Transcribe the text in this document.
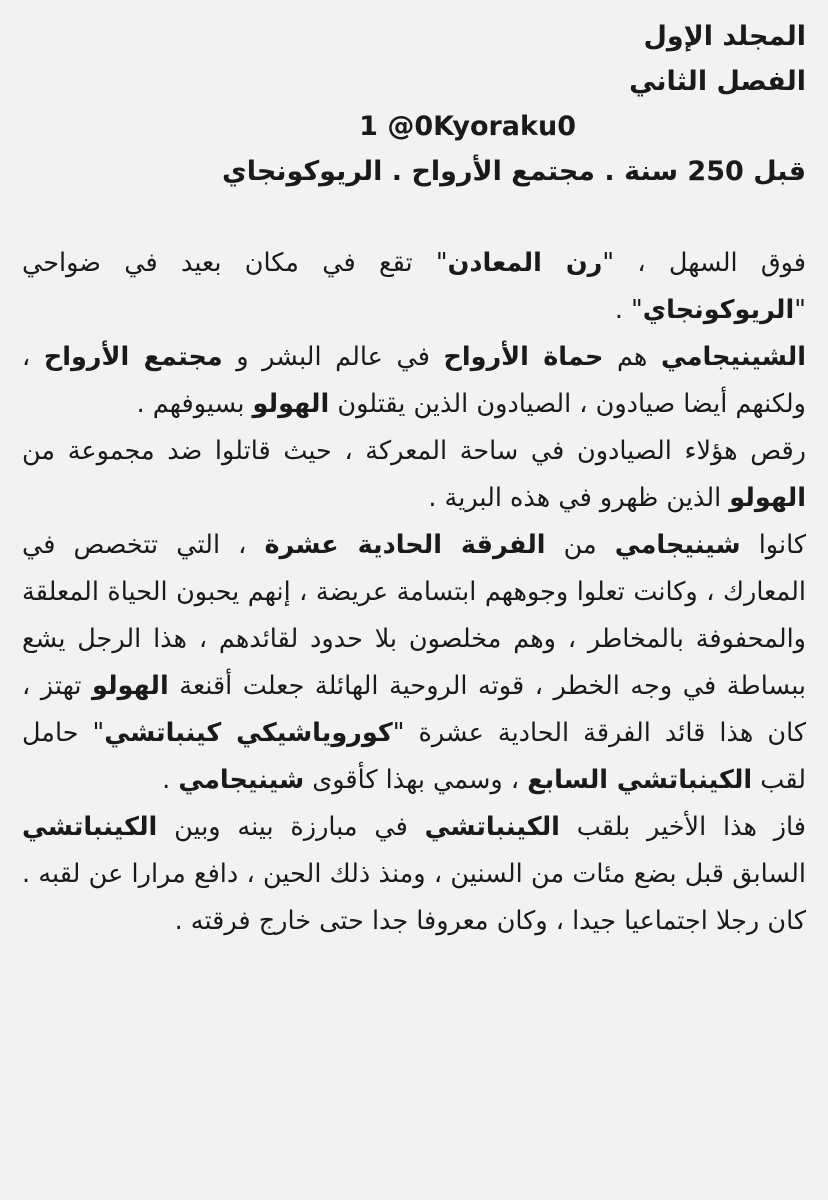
المجلد الإول
الفصل الثاني
1 @0Kyoraku0
قبل 250 سنة . مجتمع الأرواح . الريوكونجاي

فوق السهل ، "رن المعادن" تقع في مكان بعيد في ضواحي "الريوكونجاي" .

الشينيجامي هم حماة الأرواح في عالم البشر و مجتمع الأرواح ، ولكنهم أيضا صيادون ، الصيادون الذين يقتلون الهولو بسيوفهم .

رقص هؤلاء الصيادون في ساحة المعركة ، حيث قاتلوا ضد مجموعة من الهولو الذين ظهرو في هذه البرية .

كانوا شينيجامي من الفرقة الحادية عشرة ، التي تتخصص في المعارك ، وكانت تعلوا وجوههم ابتسامة عريضة ، إنهم يحبون الحياة المعلقة والمحفوفة بالمخاطر ، وهم مخلصون بلا حدود لقائدهم ، هذا الرجل يشع ببساطة في وجه الخطر ، قوته الروحية الهائلة جعلت أقنعة الهولو تهتز ، كان هذا قائد الفرقة الحادية عشرة "كوروياشيكي كينباتشي" حامل لقب الكينباتشي السابع ، وسمي بهذا كأقوى شينيجامي .

فاز هذا الأخير بلقب الكينباتشي في مبارزة بينه وبين الكينباتشي السابق قبل بضع مئات من السنين ، ومنذ ذلك الحين ، دافع مرارا عن لقبه . كان رجلا اجتماعيا جيدا ، وكان معروفا جدا حتى خارج فرقته .
